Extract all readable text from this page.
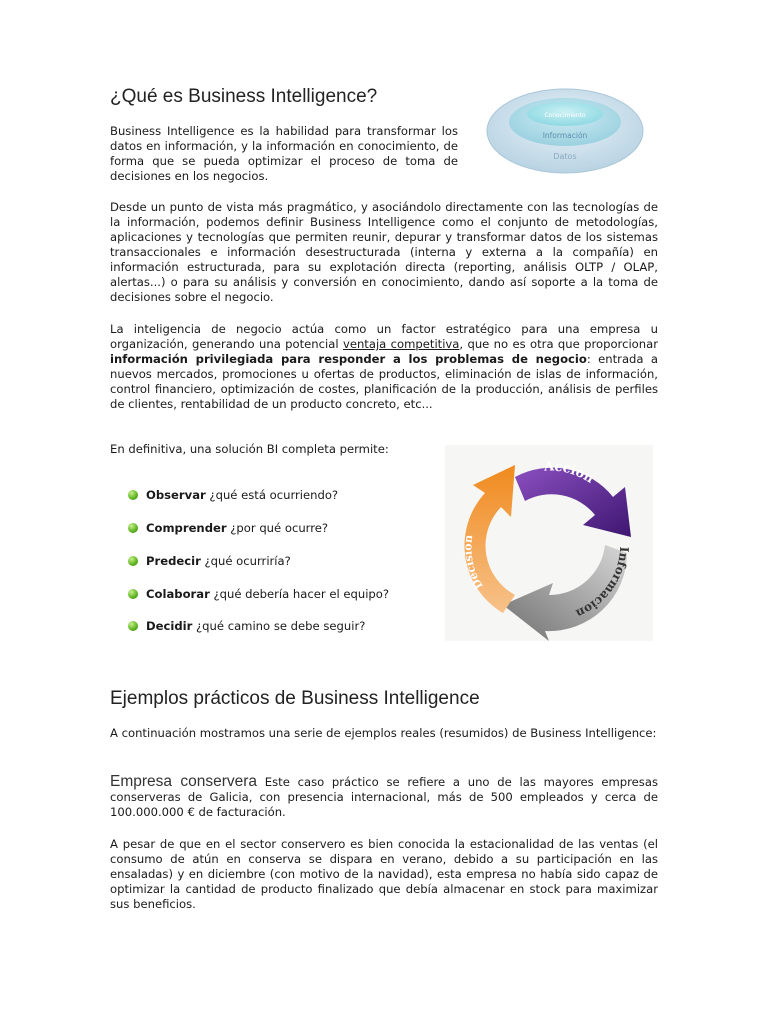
¿Qué es Business Intelligence?

Business Intelligence es la habilidad para transformar los datos en información, y la información en conocimiento, de forma que se pueda optimizar el proceso de toma de decisiones en los negocios.

Conocimiento
Información
Datos

Desde un punto de vista más pragmático, y asociándolo directamente con las tecnologías de la información, podemos definir Business Intelligence como el conjunto de metodologías, aplicaciones y tecnologías que permiten reunir, depurar y transformar datos de los sistemas transaccionales e información desestructurada (interna y externa a la compañía) en información estructurada, para su explotación directa (reporting, análisis OLTP / OLAP, alertas...) o para su análisis y conversión en conocimiento, dando así soporte a la toma de decisiones sobre el negocio.

La inteligencia de negocio actúa como un factor estratégico para una empresa u organización, generando una potencial ventaja competitiva, que no es otra que proporcionar información privilegiada para responder a los problemas de negocio: entrada a nuevos mercados, promociones u ofertas de productos, eliminación de islas de información, control financiero, optimización de costes, planificación de la producción, análisis de perfiles de clientes, rentabilidad de un producto concreto, etc...

En definitiva, una solución BI completa permite:

Observar ¿qué está ocurriendo?
Comprender ¿por qué ocurre?
Predecir ¿qué ocurriría?
Colaborar ¿qué debería hacer el equipo?
Decidir ¿qué camino se debe seguir?
Accion
Informacion
Decision
Ejemplos prácticos de Business Intelligence

A continuación mostramos una serie de ejemplos reales (resumidos) de Business Intelligence:

Empresa conservera Este caso práctico se refiere a uno de las mayores empresas conserveras de Galicia, con presencia internacional, más de 500 empleados y cerca de 100.000.000 € de facturación.

A pesar de que en el sector conservero es bien conocida la estacionalidad de las ventas (el consumo de atún en conserva se dispara en verano, debido a su participación en las ensaladas) y en diciembre (con motivo de la navidad), esta empresa no había sido capaz de optimizar la cantidad de producto finalizado que debía almacenar en stock para maximizar sus beneficios.
